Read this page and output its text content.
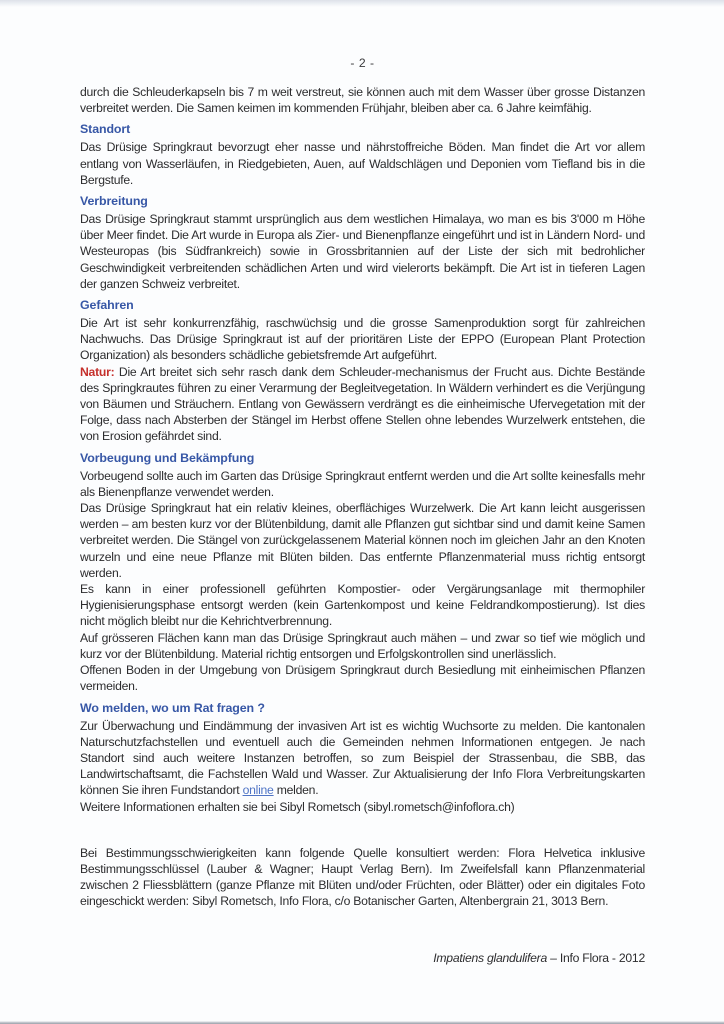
- 2 -

durch die Schleuderkapseln bis 7 m weit verstreut, sie können auch mit dem Wasser über grosse Distanzen verbreitet werden. Die Samen keimen im kommenden Frühjahr, bleiben aber ca. 6 Jahre keimfähig.

Standort

Das Drüsige Springkraut bevorzugt eher nasse und nährstoffreiche Böden. Man findet die Art vor allem entlang von Wasserläufen, in Riedgebieten, Auen, auf Waldschlägen und Deponien vom Tiefland bis in die Bergstufe.

Verbreitung

Das Drüsige Springkraut stammt ursprünglich aus dem westlichen Himalaya, wo man es bis 3'000 m Höhe über Meer findet. Die Art wurde in Europa als Zier- und Bienenpflanze eingeführt und ist in Ländern Nord- und Westeuropas (bis Südfrankreich) sowie in Grossbritannien auf der Liste der sich mit bedrohlicher Geschwindigkeit verbreitenden schädlichen Arten und wird vielerorts bekämpft. Die Art ist in tieferen Lagen der ganzen Schweiz verbreitet.

Gefahren

Die Art ist sehr konkurrenzfähig, raschwüchsig und die grosse Samenproduktion sorgt für zahlreichen Nachwuchs. Das Drüsige Springkraut ist auf der prioritären Liste der EPPO (European Plant Protection Organization) als besonders schädliche gebietsfremde Art aufgeführt.

Natur: Die Art breitet sich sehr rasch dank dem Schleuder-mechanismus der Frucht aus. Dichte Bestände des Springkrautes führen zu einer Verarmung der Begleitvegetation. In Wäldern verhindert es die Verjüngung von Bäumen und Sträuchern. Entlang von Gewässern verdrängt es die einheimische Ufervegetation mit der Folge, dass nach Absterben der Stängel im Herbst offene Stellen ohne lebendes Wurzelwerk entstehen, die von Erosion gefährdet sind.

Vorbeugung und Bekämpfung

Vorbeugend sollte auch im Garten das Drüsige Springkraut entfernt werden und die Art sollte keinesfalls mehr als Bienenpflanze verwendet werden.

Das Drüsige Springkraut hat ein relativ kleines, oberflächiges Wurzelwerk. Die Art kann leicht ausgerissen werden – am besten kurz vor der Blütenbildung, damit alle Pflanzen gut sichtbar sind und damit keine Samen verbreitet werden. Die Stängel von zurückgelassenem Material können noch im gleichen Jahr an den Knoten wurzeln und eine neue Pflanze mit Blüten bilden. Das entfernte Pflanzenmaterial muss richtig entsorgt werden.

Es kann in einer professionell geführten Kompostier- oder Vergärungsanlage mit thermophiler Hygienisierungsphase entsorgt werden (kein Gartenkompost und keine Feldrandkompostierung). Ist dies nicht möglich bleibt nur die Kehrichtverbrennung.

Auf grösseren Flächen kann man das Drüsige Springkraut auch mähen – und zwar so tief wie möglich und kurz vor der Blütenbildung. Material richtig entsorgen und Erfolgskontrollen sind unerlässlich.

Offenen Boden in der Umgebung von Drüsigem Springkraut durch Besiedlung mit einheimischen Pflanzen vermeiden.

Wo melden, wo um Rat fragen ?

Zur Überwachung und Eindämmung der invasiven Art ist es wichtig Wuchsorte zu melden. Die kantonalen Naturschutzfachstellen und eventuell auch die Gemeinden nehmen Informationen entgegen. Je nach Standort sind auch weitere Instanzen betroffen, so zum Beispiel der Strassenbau, die SBB, das Landwirtschaftsamt, die Fachstellen Wald und Wasser. Zur Aktualisierung der Info Flora Verbreitungskarten können Sie ihren Fundstandort online melden.

Weitere Informationen erhalten sie bei Sibyl Rometsch (sibyl.rometsch@infoflora.ch)

Bei Bestimmungsschwierigkeiten kann folgende Quelle konsultiert werden: Flora Helvetica inklusive Bestimmungsschlüssel (Lauber & Wagner; Haupt Verlag Bern). Im Zweifelsfall kann Pflanzenmaterial zwischen 2 Fliessblättern (ganze Pflanze mit Blüten und/oder Früchten, oder Blätter) oder ein digitales Foto eingeschickt werden: Sibyl Rometsch, Info Flora, c/o Botanischer Garten, Altenbergrain 21, 3013 Bern.

Impatiens glandulifera – Info Flora - 2012
